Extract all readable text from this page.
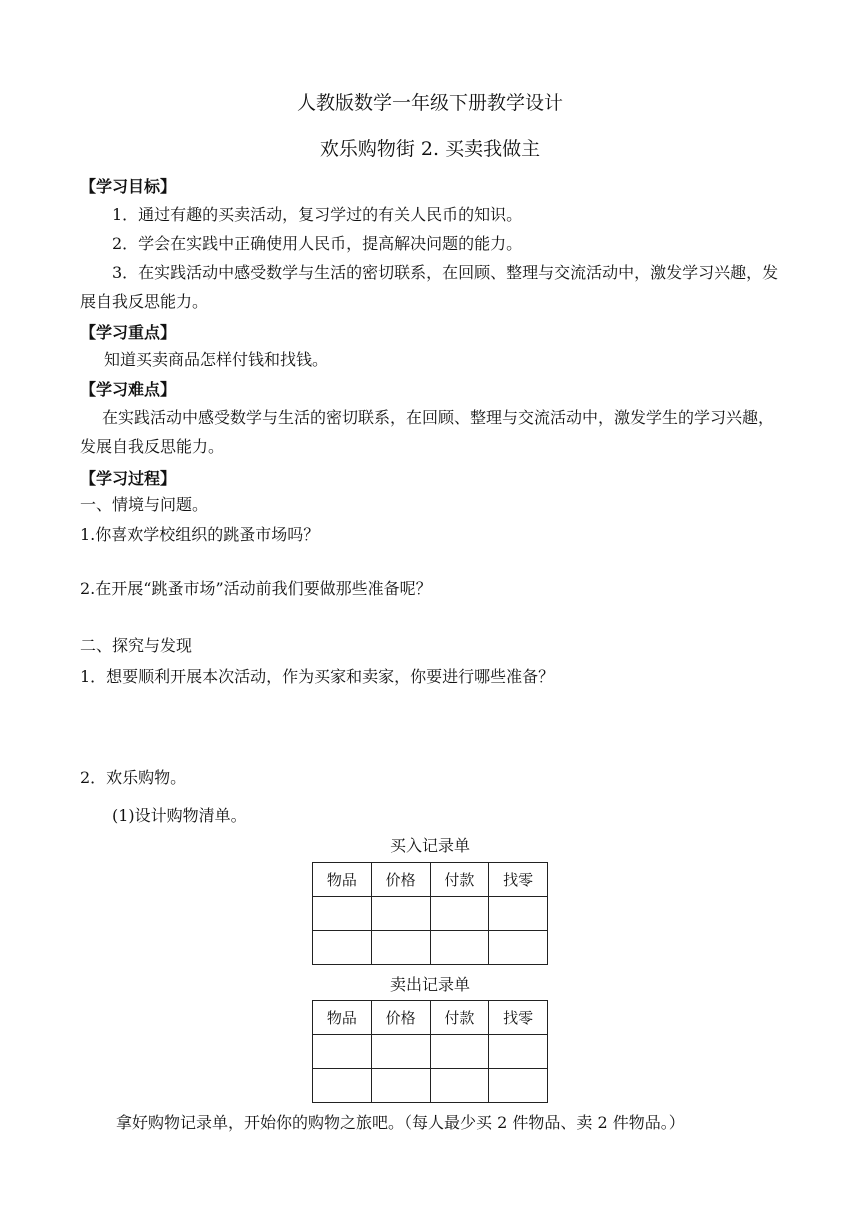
人教版数学一年级下册教学设计
欢乐购物街 2. 买卖我做主
【学习目标】
1．通过有趣的买卖活动，复习学过的有关人民币的知识。
2．学会在实践中正确使用人民币，提高解决问题的能力。
3．在实践活动中感受数学与生活的密切联系，在回顾、整理与交流活动中，激发学习兴趣，发展自我反思能力。
【学习重点】
知道买卖商品怎样付钱和找钱。
【学习难点】
在实践活动中感受数学与生活的密切联系，在回顾、整理与交流活动中，激发学生的学习兴趣，发展自我反思能力。
【学习过程】
一、情境与问题。
1.你喜欢学校组织的跳蚤市场吗？
2.在开展“跳蚤市场”活动前我们要做那些准备呢？
二、探究与发现
1．想要顺利开展本次活动，作为买家和卖家，你要进行哪些准备？
2．欢乐购物。
(1)设计购物清单。
买入记录单
物品	价格	付款	找零

卖出记录单
物品	价格	付款	找零

拿好购物记录单，开始你的购物之旅吧。（每人最少买 2 件物品、卖 2 件物品。）
